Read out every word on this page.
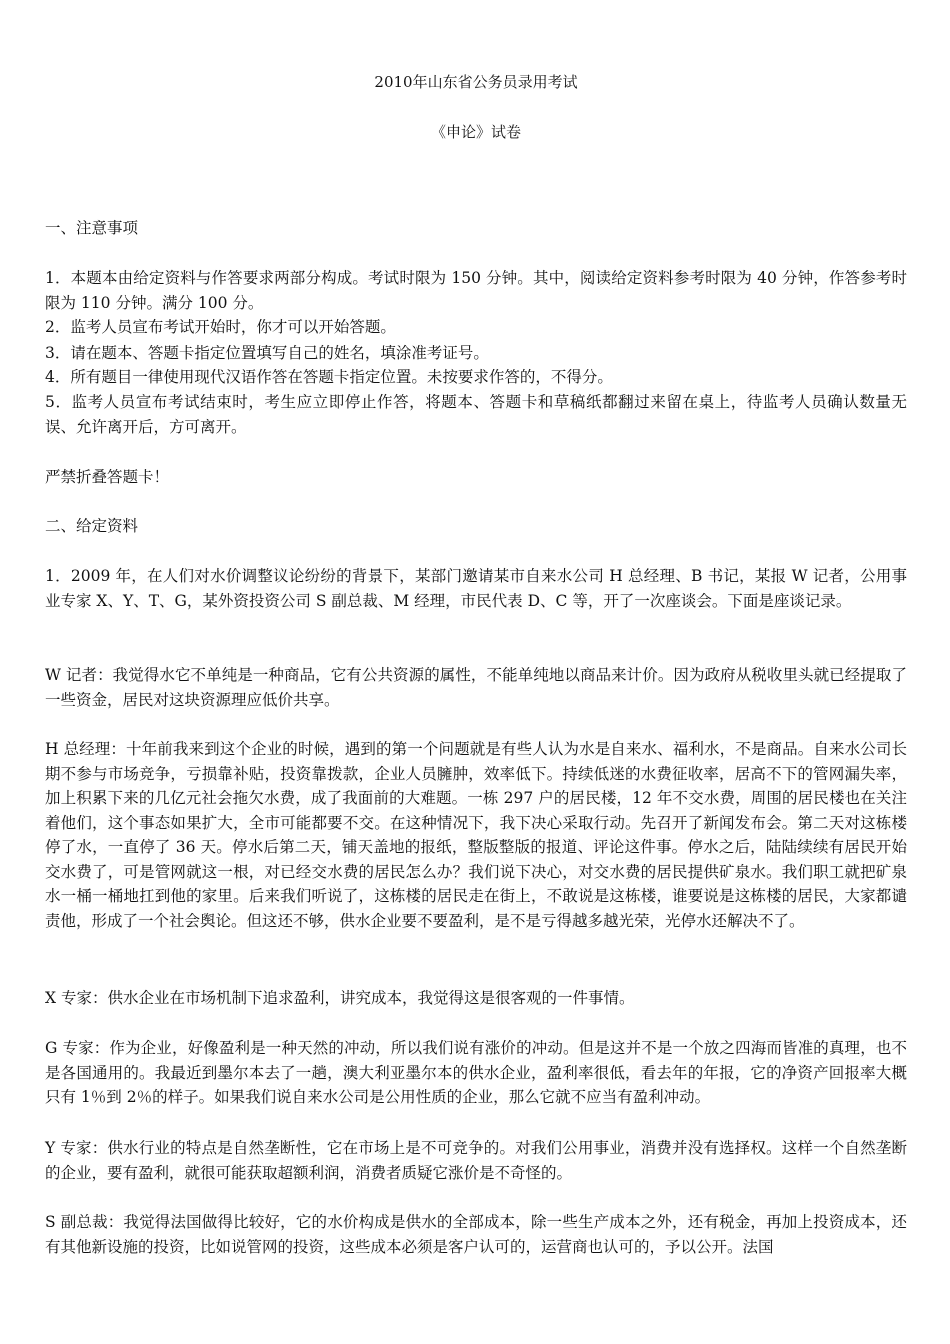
2010年山东省公务员录用考试
《申论》试卷
一、注意事项
1．本题本由给定资料与作答要求两部分构成。考试时限为 150 分钟。其中，阅读给定资料参考时限为 40 分钟，作答参考时限为 110 分钟。满分 100 分。
2．监考人员宣布考试开始时，你才可以开始答题。
3．请在题本、答题卡指定位置填写自己的姓名，填涂准考证号。
4．所有题目一律使用现代汉语作答在答题卡指定位置。未按要求作答的，不得分。
5．监考人员宣布考试结束时，考生应立即停止作答，将题本、答题卡和草稿纸都翻过来留在桌上，待监考人员确认数量无误、允许离开后，方可离开。
严禁折叠答题卡！
二、给定资料
1．2009 年，在人们对水价调整议论纷纷的背景下，某部门邀请某市自来水公司 H 总经理、B 书记，某报 W 记者，公用事业专家 X、Y、T、G，某外资投资公司 S 副总裁、M 经理，市民代表 D、C 等，开了一次座谈会。下面是座谈记录。
W 记者：我觉得水它不单纯是一种商品，它有公共资源的属性，不能单纯地以商品来计价。因为政府从税收里头就已经提取了一些资金，居民对这块资源理应低价共享。
H 总经理：十年前我来到这个企业的时候，遇到的第一个问题就是有些人认为水是自来水、福利水，不是商品。自来水公司长期不参与市场竞争，亏损靠补贴，投资靠拨款，企业人员臃肿，效率低下。持续低迷的水费征收率，居高不下的管网漏失率，加上积累下来的几亿元社会拖欠水费，成了我面前的大难题。一栋 297 户的居民楼，12 年不交水费，周围的居民楼也在关注着他们，这个事态如果扩大，全市可能都要不交。在这种情况下，我下决心采取行动。先召开了新闻发布会。第二天对这栋楼停了水，一直停了 36 天。停水后第二天，铺天盖地的报纸，整版整版的报道、评论这件事。停水之后，陆陆续续有居民开始交水费了，可是管网就这一根，对已经交水费的居民怎么办？我们说下决心，对交水费的居民提供矿泉水。我们职工就把矿泉水一桶一桶地扛到他的家里。后来我们听说了，这栋楼的居民走在街上，不敢说是这栋楼，谁要说是这栋楼的居民，大家都谴责他，形成了一个社会舆论。但这还不够，供水企业要不要盈利，是不是亏得越多越光荣，光停水还解决不了。
X 专家：供水企业在市场机制下追求盈利，讲究成本，我觉得这是很客观的一件事情。
G 专家：作为企业，好像盈利是一种天然的冲动，所以我们说有涨价的冲动。但是这并不是一个放之四海而皆准的真理，也不是各国通用的。我最近到墨尔本去了一趟，澳大利亚墨尔本的供水企业，盈利率很低，看去年的年报，它的净资产回报率大概只有 1％到 2％的样子。如果我们说自来水公司是公用性质的企业，那么它就不应当有盈利冲动。
Y 专家：供水行业的特点是自然垄断性，它在市场上是不可竞争的。对我们公用事业，消费并没有选择权。这样一个自然垄断的企业，要有盈利，就很可能获取超额利润，消费者质疑它涨价是不奇怪的。
S 副总裁：我觉得法国做得比较好，它的水价构成是供水的全部成本，除一些生产成本之外，还有税金，再加上投资成本，还有其他新设施的投资，比如说管网的投资，这些成本必须是客户认可的，运营商也认可的，予以公开。法国
